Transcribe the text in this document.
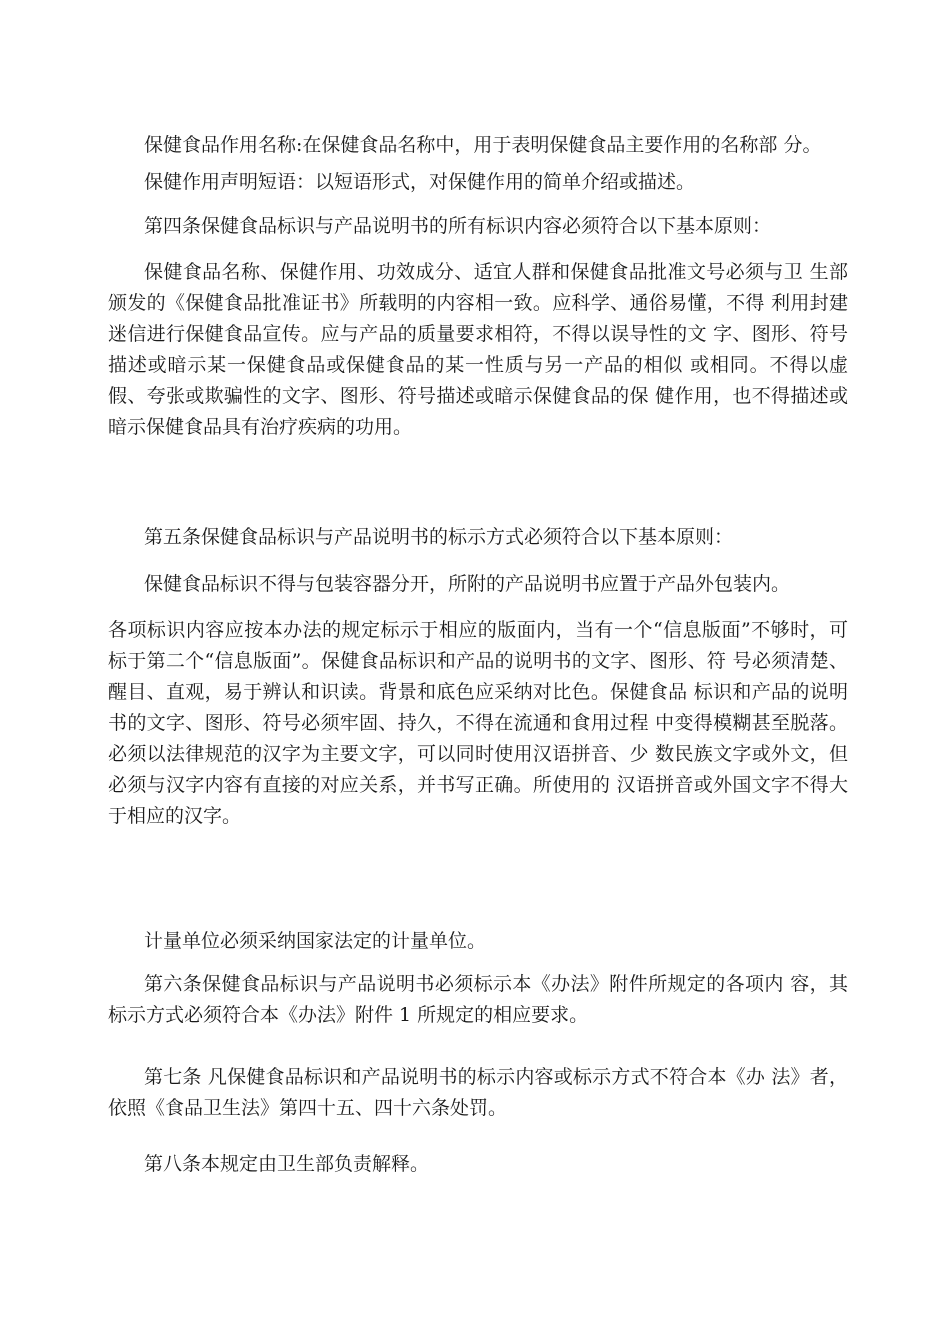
保健食品作用名称:在保健食品名称中，用于表明保健食品主要作用的名称部 分。

保健作用声明短语：以短语形式，对保健作用的简单介绍或描述。

第四条保健食品标识与产品说明书的所有标识内容必须符合以下基本原则：

保健食品名称、保健作用、功效成分、适宜人群和保健食品批准文号必须与卫 生部颁发的《保健食品批准证书》所载明的内容相一致。应科学、通俗易懂，不得 利用封建迷信进行保健食品宣传。应与产品的质量要求相符，不得以误导性的文 字、图形、符号描述或暗示某一保健食品或保健食品的某一性质与另一产品的相似 或相同。不得以虚假、夸张或欺骗性的文字、图形、符号描述或暗示保健食品的保 健作用，也不得描述或暗示保健食品具有治疗疾病的功用。

第五条保健食品标识与产品说明书的标示方式必须符合以下基本原则：

保健食品标识不得与包装容器分开，所附的产品说明书应置于产品外包装内。

各项标识内容应按本办法的规定标示于相应的版面内，当有一个“信息版面”不够时，可标于第二个“信息版面”。保健食品标识和产品的说明书的文字、图形、符 号必须清楚、醒目、直观，易于辨认和识读。背景和底色应采纳对比色。保健食品 标识和产品的说明书的文字、图形、符号必须牢固、持久，不得在流通和食用过程 中变得模糊甚至脱落。必须以法律规范的汉字为主要文字，可以同时使用汉语拼音、少 数民族文字或外文，但必须与汉字内容有直接的对应关系，并书写正确。所使用的 汉语拼音或外国文字不得大于相应的汉字。

计量单位必须采纳国家法定的计量单位。

第六条保健食品标识与产品说明书必须标示本《办法》附件所规定的各项内 容，其标示方式必须符合本《办法》附件 1 所规定的相应要求。

第七条 凡保健食品标识和产品说明书的标示内容或标示方式不符合本《办 法》者，依照《食品卫生法》第四十五、四十六条处罚。

第八条本规定由卫生部负责解释。
